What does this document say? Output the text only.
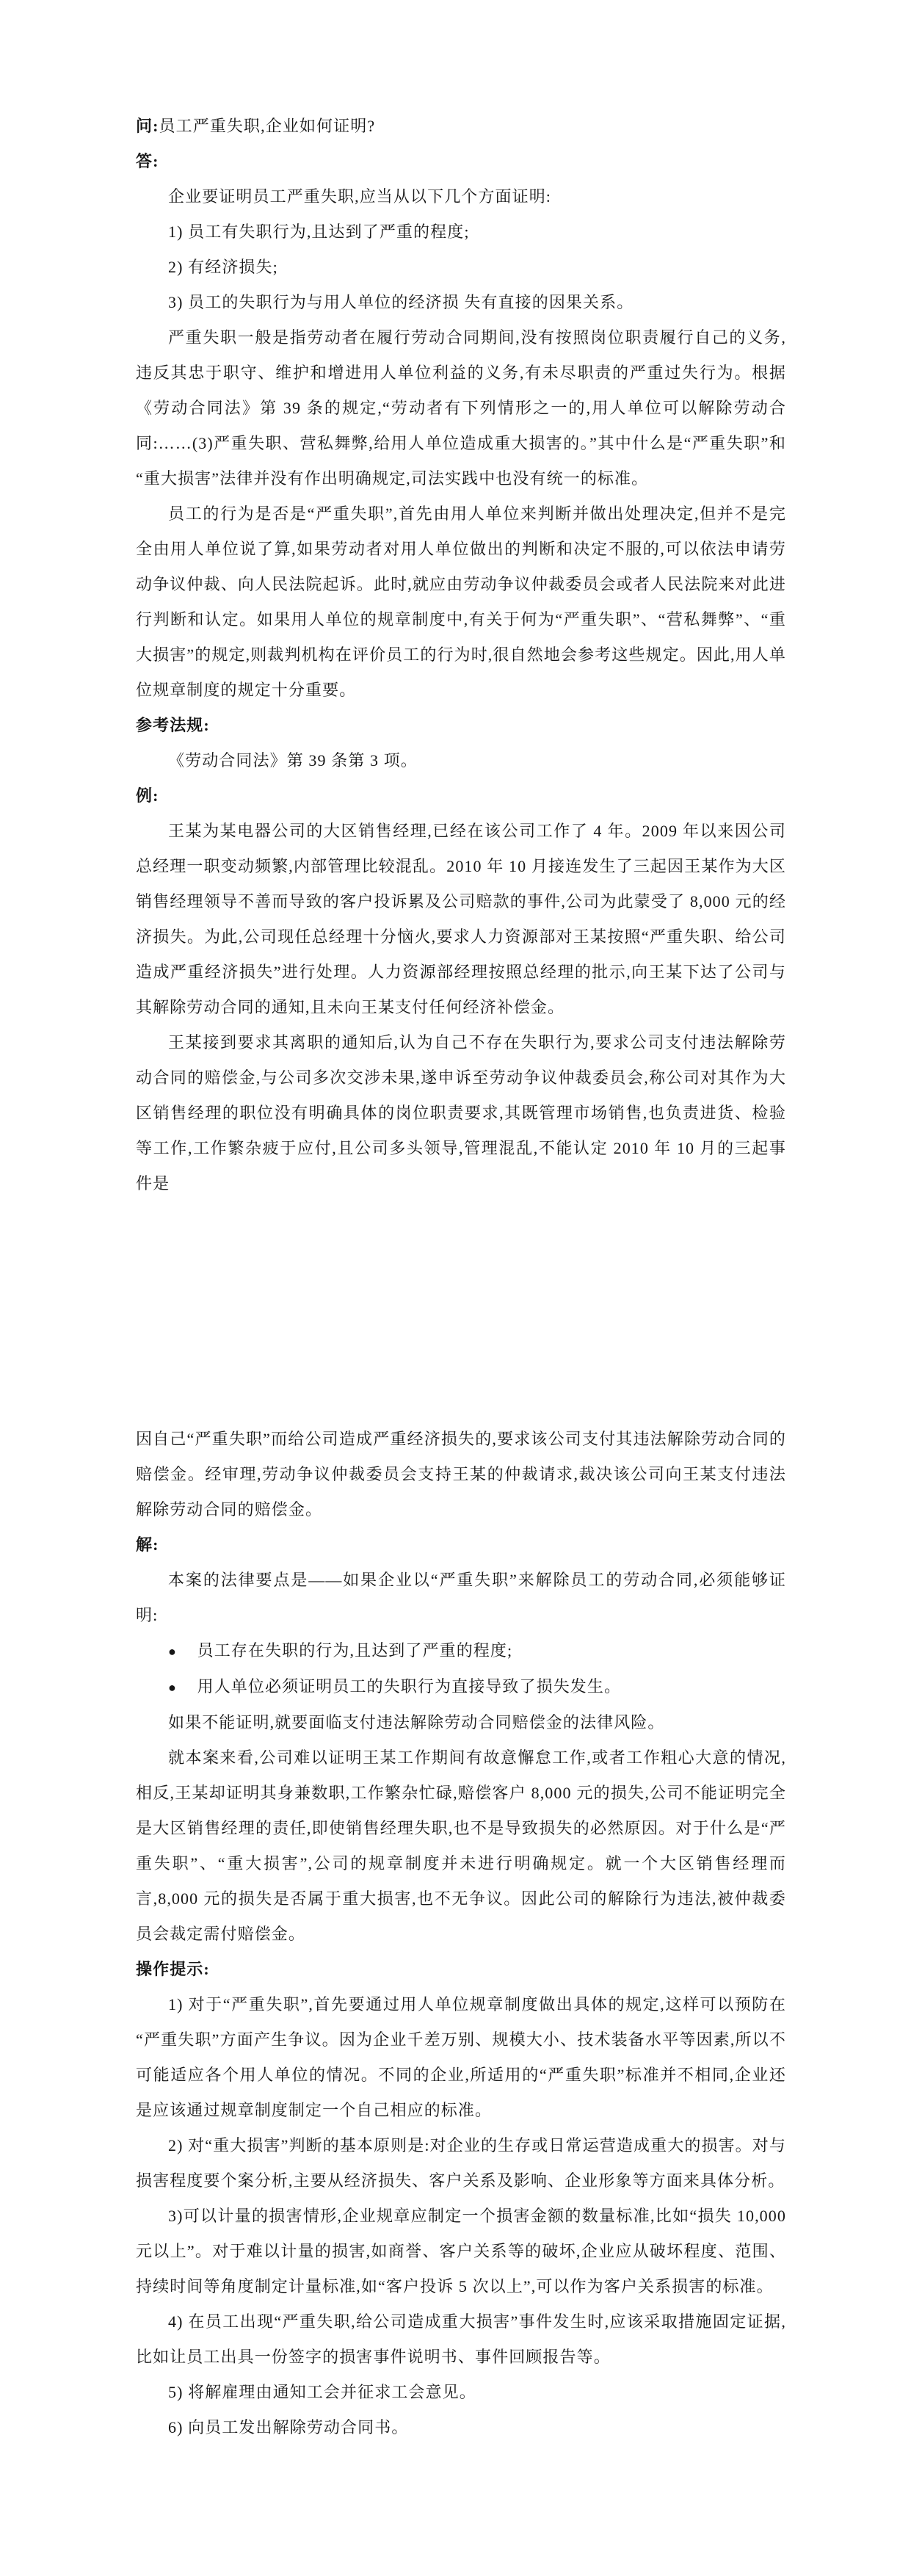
问:员工严重失职,企业如何证明?

答:

企业要证明员工严重失职,应当从以下几个方面证明:

1) 员工有失职行为,且达到了严重的程度;

2) 有经济损失;

3) 员工的失职行为与用人单位的经济损 失有直接的因果关系。

严重失职一般是指劳动者在履行劳动合同期间,没有按照岗位职责履行自己的义务,违反其忠于职守、维护和增进用人单位利益的义务,有未尽职责的严重过失行为。根据《劳动合同法》第 39 条的规定,“劳动者有下列情形之一的,用人单位可以解除劳动合同:……(3)严重失职、营私舞弊,给用人单位造成重大损害的。”其中什么是“严重失职”和“重大损害”法律并没有作出明确规定,司法实践中也没有统一的标准。

员工的行为是否是“严重失职”,首先由用人单位来判断并做出处理决定,但并不是完全由用人单位说了算,如果劳动者对用人单位做出的判断和决定不服的,可以依法申请劳动争议仲裁、向人民法院起诉。此时,就应由劳动争议仲裁委员会或者人民法院来对此进行判断和认定。如果用人单位的规章制度中,有关于何为“严重失职”、“营私舞弊”、“重大损害”的规定,则裁判机构在评价员工的行为时,很自然地会参考这些规定。因此,用人单位规章制度的规定十分重要。

参考法规:

《劳动合同法》第 39 条第 3 项。

例:

王某为某电器公司的大区销售经理,已经在该公司工作了 4 年。2009 年以来因公司总经理一职变动频繁,内部管理比较混乱。2010 年 10 月接连发生了三起因王某作为大区销售经理领导不善而导致的客户投诉累及公司赔款的事件,公司为此蒙受了 8,000 元的经济损失。为此,公司现任总经理十分恼火,要求人力资源部对王某按照“严重失职、给公司造成严重经济损失”进行处理。人力资源部经理按照总经理的批示,向王某下达了公司与其解除劳动合同的通知,且未向王某支付任何经济补偿金。

王某接到要求其离职的通知后,认为自己不存在失职行为,要求公司支付违法解除劳动合同的赔偿金,与公司多次交涉未果,遂申诉至劳动争议仲裁委员会,称公司对其作为大区销售经理的职位没有明确具体的岗位职责要求,其既管理市场销售,也负责进货、检验等工作,工作繁杂疲于应付,且公司多头领导,管理混乱,不能认定 2010 年 10 月的三起事件是

因自己“严重失职”而给公司造成严重经济损失的,要求该公司支付其违法解除劳动合同的赔偿金。经审理,劳动争议仲裁委员会支持王某的仲裁请求,裁决该公司向王某支付违法解除劳动合同的赔偿金。

解:

本案的法律要点是——如果企业以“严重失职”来解除员工的劳动合同,必须能够证明:

● 员工存在失职的行为,且达到了严重的程度;

● 用人单位必须证明员工的失职行为直接导致了损失发生。

如果不能证明,就要面临支付违法解除劳动合同赔偿金的法律风险。

就本案来看,公司难以证明王某工作期间有故意懈怠工作,或者工作粗心大意的情况,相反,王某却证明其身兼数职,工作繁杂忙碌,赔偿客户 8,000 元的损失,公司不能证明完全是大区销售经理的责任,即使销售经理失职,也不是导致损失的必然原因。对于什么是“严重失职”、“重大损害”,公司的规章制度并未进行明确规定。就一个大区销售经理而言,8,000 元的损失是否属于重大损害,也不无争议。因此公司的解除行为违法,被仲裁委员会裁定需付赔偿金。

操作提示:

1) 对于“严重失职”,首先要通过用人单位规章制度做出具体的规定,这样可以预防在“严重失职”方面产生争议。因为企业千差万别、规模大小、技术装备水平等因素,所以不可能适应各个用人单位的情况。不同的企业,所适用的“严重失职”标准并不相同,企业还是应该通过规章制度制定一个自己相应的标准。

2) 对“重大损害”判断的基本原则是:对企业的生存或日常运营造成重大的损害。对与损害程度要个案分析,主要从经济损失、客户关系及影响、企业形象等方面来具体分析。

3)可以计量的损害情形,企业规章应制定一个损害金额的数量标准,比如“损失 10,000 元以上”。对于难以计量的损害,如商誉、客户关系等的破坏,企业应从破坏程度、范围、持续时间等角度制定计量标准,如“客户投诉 5 次以上”,可以作为客户关系损害的标准。

4) 在员工出现“严重失职,给公司造成重大损害”事件发生时,应该采取措施固定证据,比如让员工出具一份签字的损害事件说明书、事件回顾报告等。

5) 将解雇理由通知工会并征求工会意见。

6) 向员工发出解除劳动合同书。
